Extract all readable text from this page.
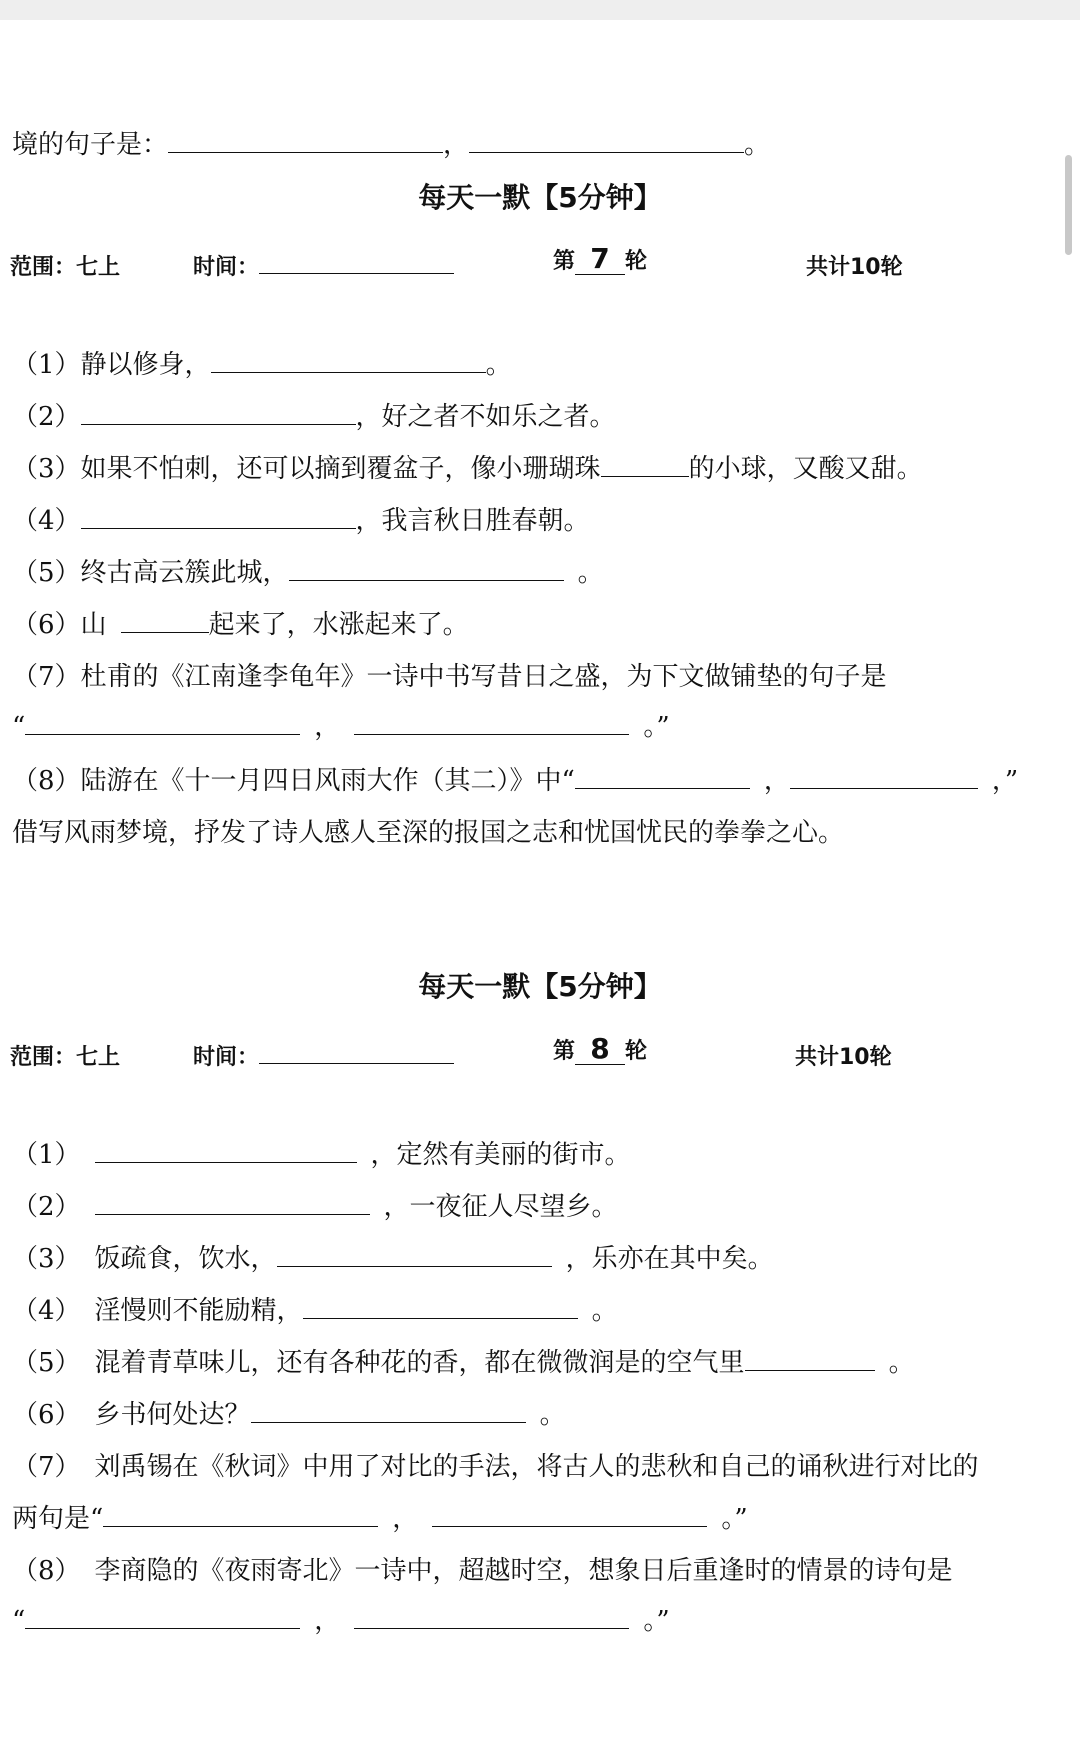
境的句子是：	，	。
每天一默【5分钟】
范围：七上	时间：	第 7 轮	共计10轮
（1）静以修身，	。
（2）	，好之者不如乐之者。
（3）如果不怕刺，还可以摘到覆盆子，像小珊瑚珠	的小球，又酸又甜。
（4）	，我言秋日胜春朝。
（5）终古高云簇此城，	。
（6）山	起来了，水涨起来了。
（7）杜甫的《江南逢李龟年》一诗中书写昔日之盛，为下文做铺垫的句子是
“	，	。”
（8）陆游在《十一月四日风雨大作（其二）》中“	，	，”
借写风雨梦境，抒发了诗人感人至深的报国之志和忧国忧民的拳拳之心。
每天一默【5分钟】
范围：七上	时间：	第 8 轮	共计10轮
（1）	，定然有美丽的街市。
（2）	，一夜征人尽望乡。
（3） 饭疏食，饮水，	，乐亦在其中矣。
（4） 淫慢则不能励精，	。
（5） 混着青草味儿，还有各种花的香，都在微微润是的空气里	。
（6） 乡书何处达？	。
（7） 刘禹锡在《秋词》中用了对比的手法，将古人的悲秋和自己的诵秋进行对比的
两句是“	，	。”
（8） 李商隐的《夜雨寄北》一诗中，超越时空，想象日后重逢时的情景的诗句是
“	，	。”
